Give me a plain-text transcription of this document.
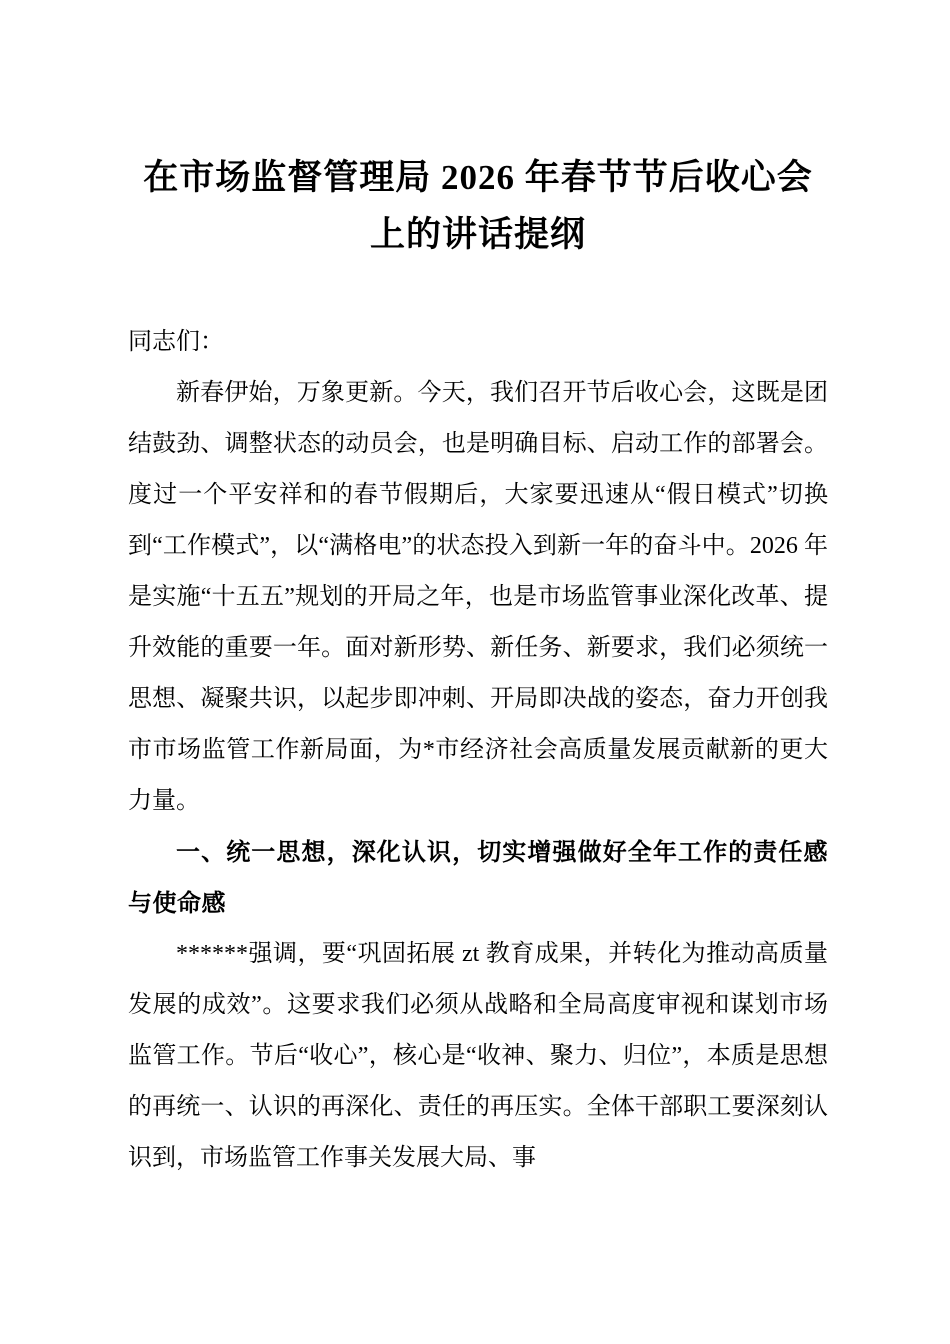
在市场监督管理局 2026 年春节节后收心会上的讲话提纲

同志们：

新春伊始，万象更新。今天，我们召开节后收心会，这既是团结鼓劲、调整状态的动员会，也是明确目标、启动工作的部署会。度过一个平安祥和的春节假期后，大家要迅速从“假日模式”切换到“工作模式”，以“满格电”的状态投入到新一年的奋斗中。2026 年是实施“十五五”规划的开局之年，也是市场监管事业深化改革、提升效能的重要一年。面对新形势、新任务、新要求，我们必须统一思想、凝聚共识，以起步即冲刺、开局即决战的姿态，奋力开创我市市场监管工作新局面，为*市经济社会高质量发展贡献新的更大力量。

一、统一思想，深化认识，切实增强做好全年工作的责任感与使命感

******强调，要“巩固拓展 zt 教育成果，并转化为推动高质量发展的成效”。这要求我们必须从战略和全局高度审视和谋划市场监管工作。节后“收心”，核心是“收神、聚力、归位”，本质是思想的再统一、认识的再深化、责任的再压实。全体干部职工要深刻认识到，市场监管工作事关发展大局、事
